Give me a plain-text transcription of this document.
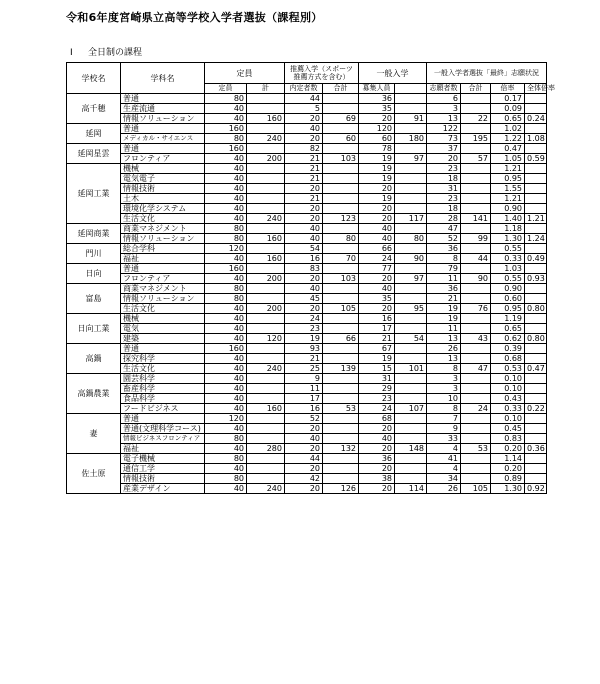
令和6年度宮崎県立高等学校入学者選抜（課程別）
Ⅰ 全日制の課程
学校名	学科名	定員		推薦入学（スポーツ推薦方式を含む）		一般入学		一般入学者選抜「最終」志願状況			
		定員	計	内定者数	合計	募集人員		志願者数	合計	倍率	全体倍率
高千穂	普通	80		44		36		6		0.17	
	生産流通	40		5		35		3		0.09	
	情報ソリューション	40	160	20	69	20	91	13	22	0.65	0.24
延岡	普通	160		40		120		122		1.02	
	メディカル・サイエンス	80	240	20	60	60	180	73	195	1.22	1.08
延岡星雲	普通	160		82		78		37		0.47	
	フロンティア	40	200	21	103	19	97	20	57	1.05	0.59
延岡工業	機械	40		21		19		23		1.21	
	電気電子	40		21		19		18		0.95	
	情報技術	40		20		20		31		1.55	
	土木	40		21		19		23		1.21	
	環境化学システム	40		20		20		18		0.90	
	生活文化	40	240	20	123	20	117	28	141	1.40	1.21
延岡商業	商業マネジメント	80		40		40		47		1.18	
	情報ソリューション	80	160	40	80	40	80	52	99	1.30	1.24
門川	総合学科	120		54		66		36		0.55	
	福祉	40	160	16	70	24	90	8	44	0.33	0.49
日向	普通	160		83		77		79		1.03	
	フロンティア	40	200	20	103	20	97	11	90	0.55	0.93
富島	商業マネジメント	80		40		40		36		0.90	
	情報ソリューション	80		45		35		21		0.60	
	生活文化	40	200	20	105	20	95	19	76	0.95	0.80
日向工業	機械	40		24		16		19		1.19	
	電気	40		23		17		11		0.65	
	建築	40	120	19	66	21	54	13	43	0.62	0.80
高鍋	普通	160		93		67		26		0.39	
	探究科学	40		21		19		13		0.68	
	生活文化	40	240	25	139	15	101	8	47	0.53	0.47
高鍋農業	園芸科学	40		9		31		3		0.10	
	畜産科学	40		11		29		3		0.10	
	食品科学	40		17		23		10		0.43	
	フードビジネス	40	160	16	53	24	107	8	24	0.33	0.22
妻	普通	120		52		68		7		0.10	
	普通(文理科学コース)	40		20		20		9		0.45	
	情報ビジネスフロンティア	80		40		40		33		0.83	
	福祉	40	280	20	132	20	148	4	53	0.20	0.36
佐土原	電子機械	80		44		36		41		1.14	
	通信工学	40		20		20		4		0.20	
	情報技術	80		42		38		34		0.89	
	産業デザイン	40	240	20	126	20	114	26	105	1.30	0.92
